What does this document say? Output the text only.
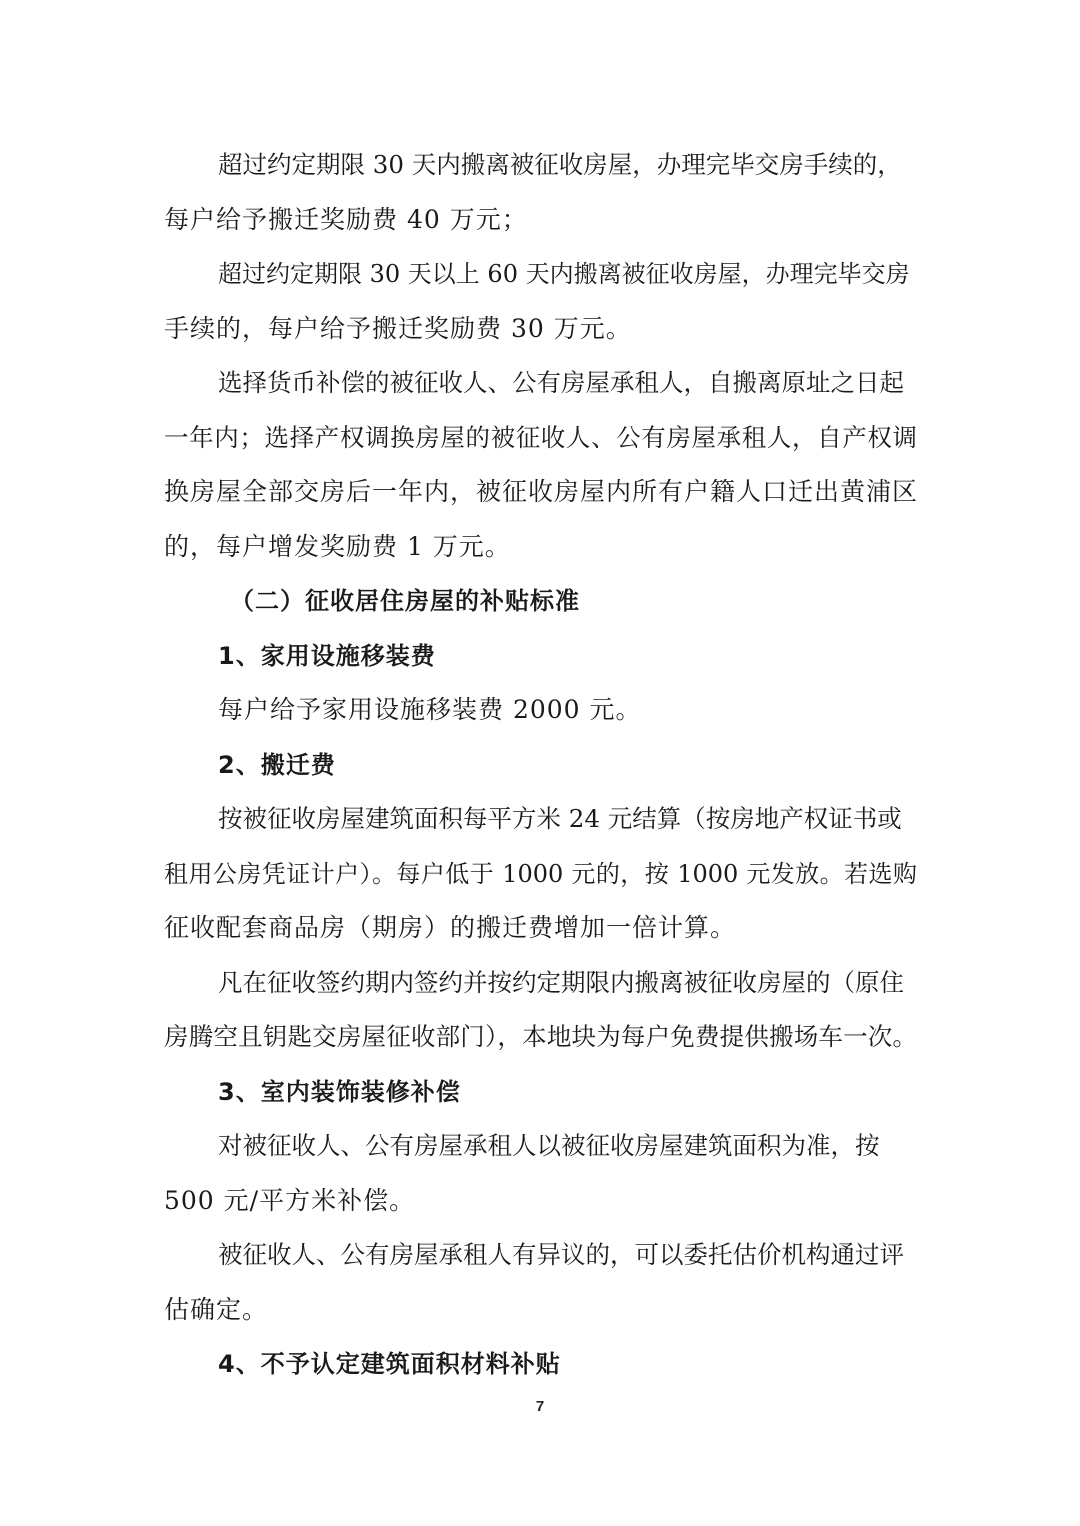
超过约定期限 30 天内搬离被征收房屋，办理完毕交房手续的，
每户给予搬迁奖励费 40 万元；
超过约定期限 30 天以上 60 天内搬离被征收房屋，办理完毕交房
手续的，每户给予搬迁奖励费 30 万元。
选择货币补偿的被征收人、公有房屋承租人，自搬离原址之日起
一年内；选择产权调换房屋的被征收人、公有房屋承租人，自产权调
换房屋全部交房后一年内，被征收房屋内所有户籍人口迁出黄浦区
的，每户增发奖励费 1 万元。
（二）征收居住房屋的补贴标准
1、家用设施移装费
每户给予家用设施移装费 2000 元。
2、搬迁费
按被征收房屋建筑面积每平方米 24 元结算（按房地产权证书或
租用公房凭证计户）。每户低于 1000 元的，按 1000 元发放。若选购
征收配套商品房（期房）的搬迁费增加一倍计算。
凡在征收签约期内签约并按约定期限内搬离被征收房屋的（原住
房腾空且钥匙交房屋征收部门），本地块为每户免费提供搬场车一次。
3、室内装饰装修补偿
对被征收人、公有房屋承租人以被征收房屋建筑面积为准，按
500 元/平方米补偿。
被征收人、公有房屋承租人有异议的，可以委托估价机构通过评
估确定。
4、不予认定建筑面积材料补贴
7
